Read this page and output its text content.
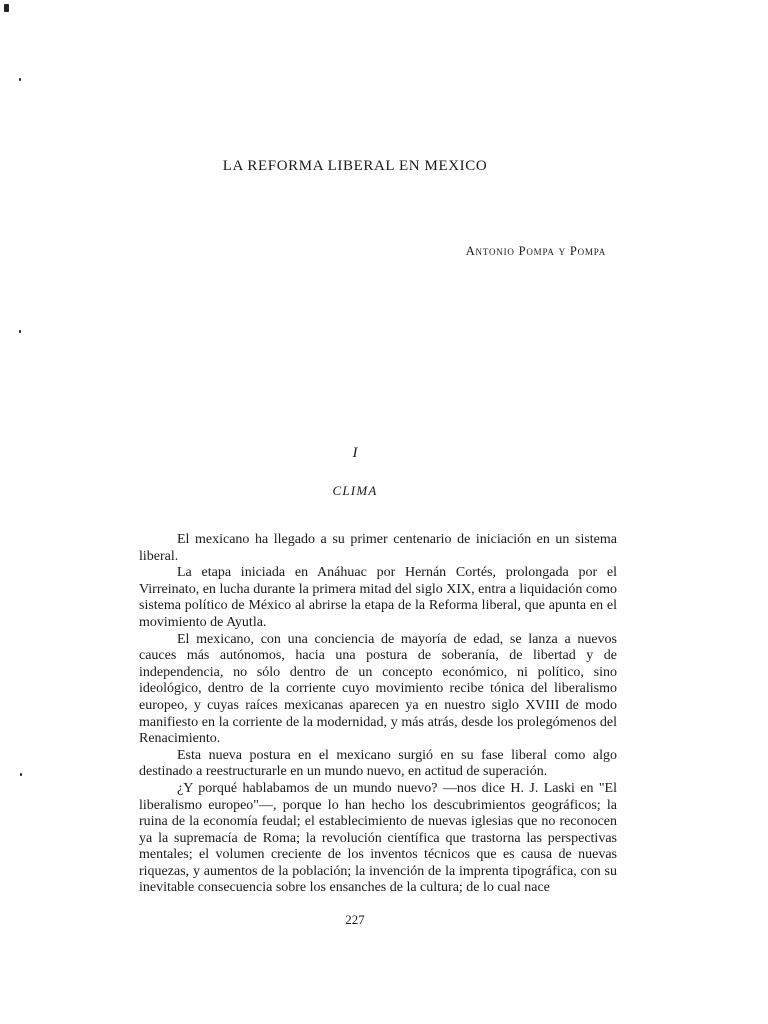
LA REFORMA LIBERAL EN MEXICO
Antonio Pompa y Pompa
I
CLIMA

El mexicano ha llegado a su primer centenario de iniciación en un sistema liberal.

La etapa iniciada en Anáhuac por Hernán Cortés, prolongada por el Virreinato, en lucha durante la primera mitad del siglo XIX, entra a liquidación como sistema político de México al abrirse la etapa de la Reforma liberal, que apunta en el movimiento de Ayutla.

El mexicano, con una conciencia de mayoría de edad, se lanza a nuevos cauces más autónomos, hacia una postura de soberanía, de libertad y de independencia, no sólo dentro de un concepto económico, ni político, sino ideológico, dentro de la corriente cuyo movimiento recibe tónica del liberalismo europeo, y cuyas raíces mexicanas aparecen ya en nuestro siglo XVIII de modo manifiesto en la corriente de la modernidad, y más atrás, desde los prolegómenos del Renacimiento.

Esta nueva postura en el mexicano surgió en su fase liberal como algo destinado a reestructurarle en un mundo nuevo, en actitud de superación.

¿Y porqué hablabamos de un mundo nuevo? —nos dice H. J. Laski en "El liberalismo europeo"—, porque lo han hecho los descubrimientos geográficos; la ruina de la economía feudal; el establecimiento de nuevas iglesias que no reconocen ya la supremacía de Roma; la revolución científica que trastorna las perspectivas mentales; el volumen creciente de los inventos técnicos que es causa de nuevas riquezas, y aumentos de la población; la invención de la imprenta tipográfica, con su inevitable consecuencia sobre los ensanches de la cultura; de lo cual nace

227
